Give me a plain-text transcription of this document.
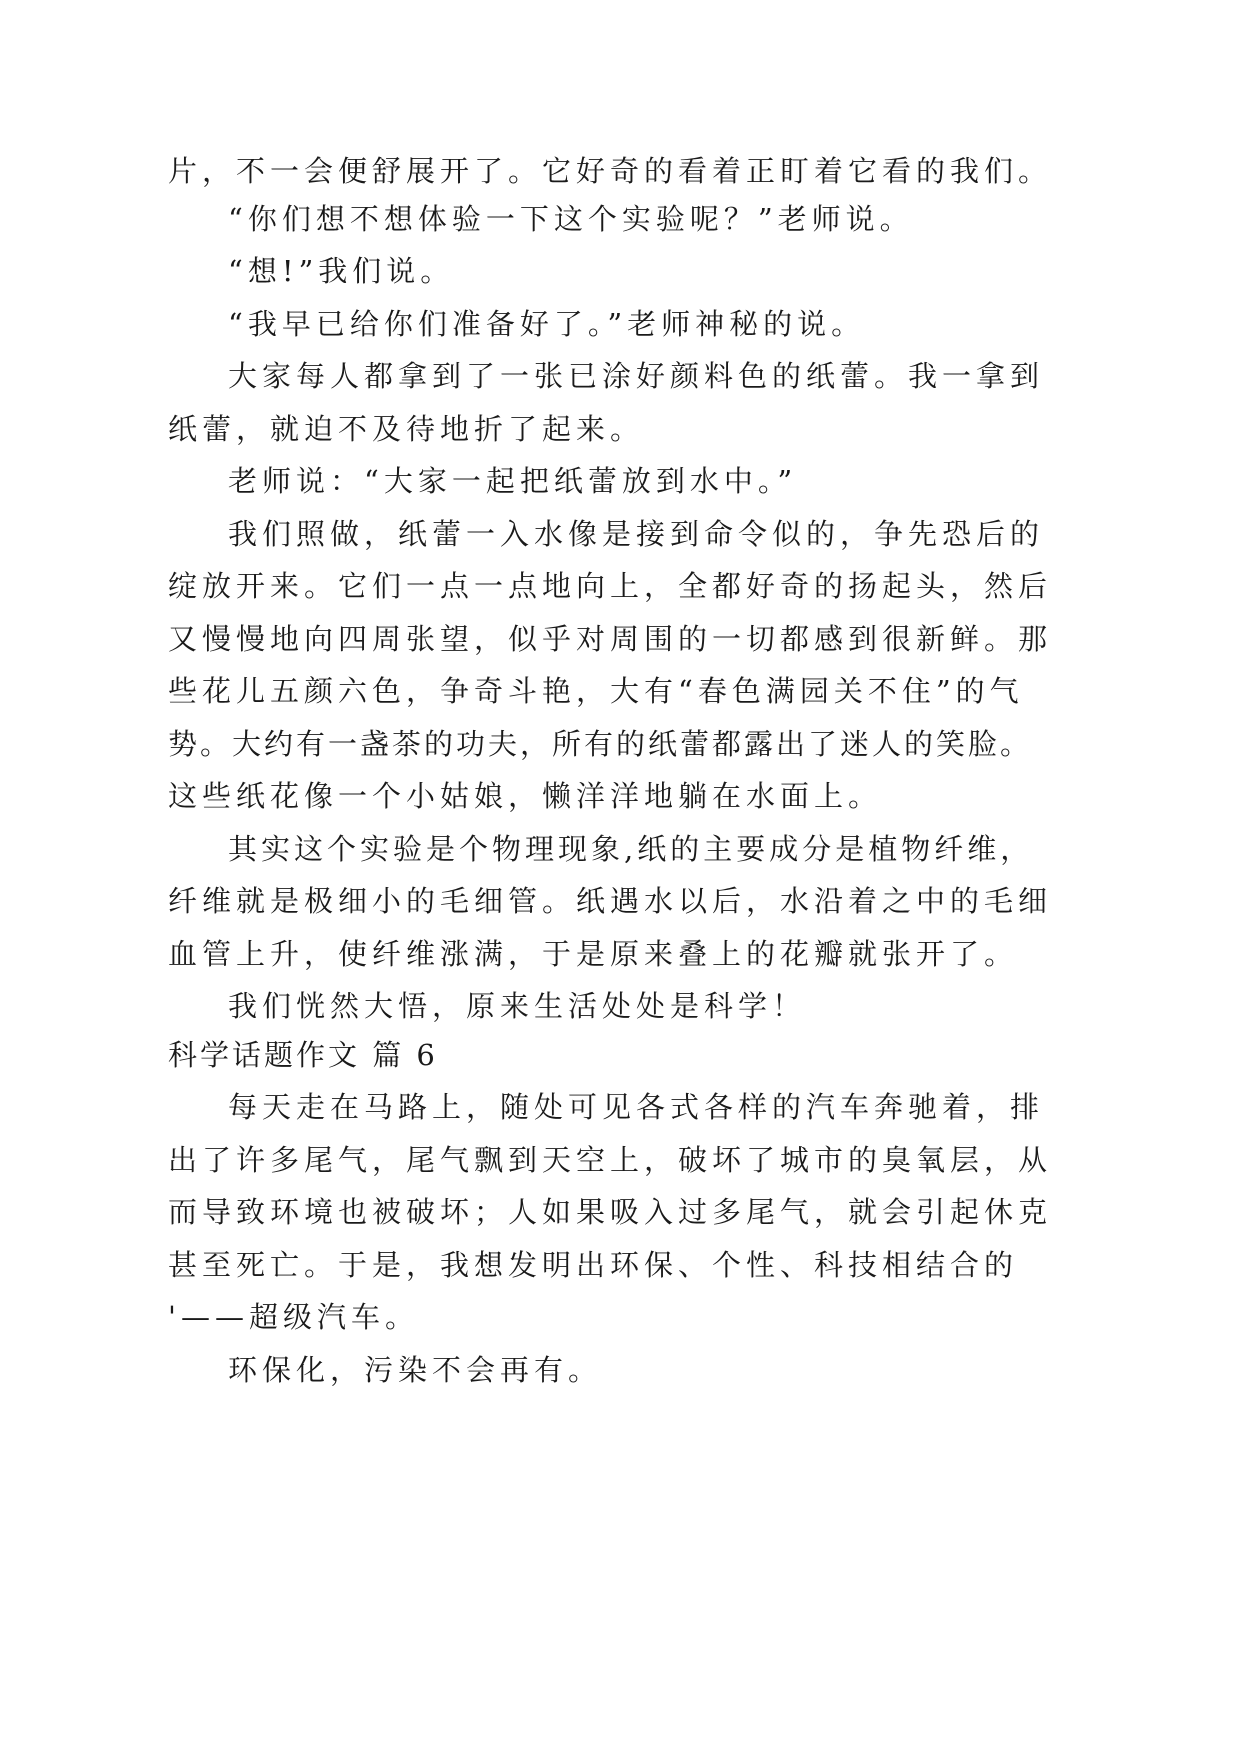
片，不一会便舒展开了。它好奇的看着正盯着它看的我们。
“你们想不想体验一下这个实验呢？”老师说。
“想!”我们说。
“我早已给你们准备好了。”老师神秘的说。
大家每人都拿到了一张已涂好颜料色的纸蕾。我一拿到
纸蕾，就迫不及待地折了起来。
老师说：“大家一起把纸蕾放到水中。”
我们照做，纸蕾一入水像是接到命令似的，争先恐后的
绽放开来。它们一点一点地向上，全都好奇的扬起头，然后
又慢慢地向四周张望，似乎对周围的一切都感到很新鲜。那
些花儿五颜六色，争奇斗艳，大有“春色满园关不住”的气
势。大约有一盏茶的功夫，所有的纸蕾都露出了迷人的笑脸。
这些纸花像一个小姑娘，懒洋洋地躺在水面上。
其实这个实验是个物理现象,纸的主要成分是植物纤维，
纤维就是极细小的毛细管。纸遇水以后，水沿着之中的毛细
血管上升，使纤维涨满，于是原来叠上的花瓣就张开了。
我们恍然大悟，原来生活处处是科学！
科学话题作文 篇 6
每天走在马路上，随处可见各式各样的汽车奔驰着，排
出了许多尾气，尾气飘到天空上，破坏了城市的臭氧层，从
而导致环境也被破坏；人如果吸入过多尾气，就会引起休克
甚至死亡。于是，我想发明出环保、个性、科技相结合的
'——超级汽车。
环保化，污染不会再有。
